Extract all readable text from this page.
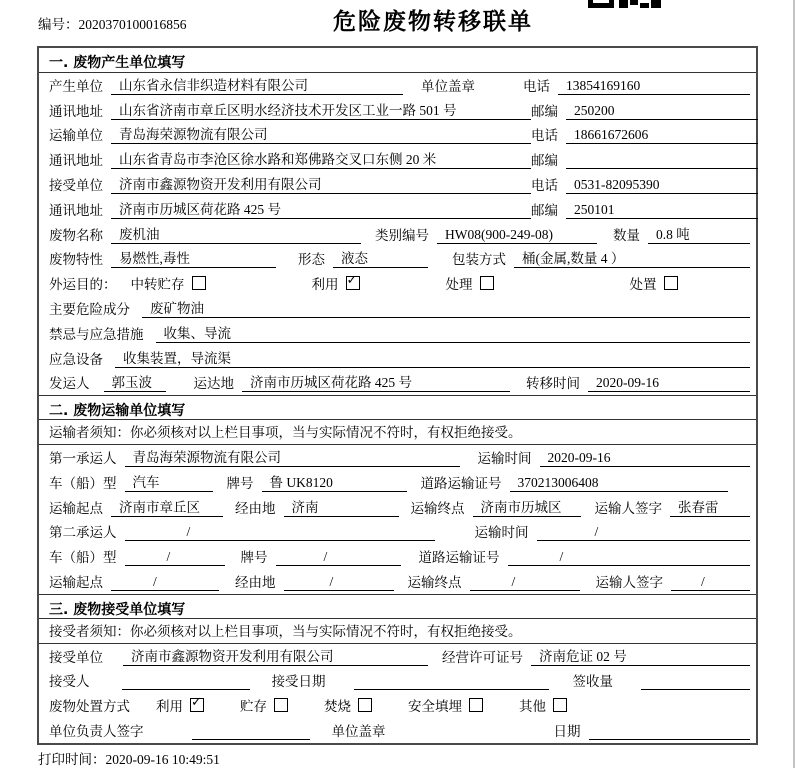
编号：2020370100016856	危险废物转移联单
一. 废物产生单位填写
产生单位	山东省永信非织造材料有限公司	单位盖章	电话	13854169160
通讯地址	山东省济南市章丘区明水经济技术开发区工业一路 501 号	邮编	250200
运输单位	青岛海荣源物流有限公司	电话	18661672606
通讯地址	山东省青岛市李沧区徐水路和郑佛路交叉口东侧 20 米	邮编
接受单位	济南市鑫源物资开发利用有限公司	电话	0531-82095390
通讯地址	济南市历城区荷花路 425 号	邮编	250101
废物名称	废机油	类别编号	HW08(900-249-08)	数量	0.8 吨
废物特性	易燃性,毒性	形态	液态	包装方式	桶(金属,数量 4 ）
外运目的： 中转贮存	利用 ✓	处理	处置
主要危险成分	废矿物油
禁忌与应急措施	收集、导流
应急设备	收集装置，导流渠
发运人	郭玉波	运达地	济南市历城区荷花路 425 号	转移时间	2020-09-16
二. 废物运输单位填写
运输者须知：你必须核对以上栏目事项，当与实际情况不符时，有权拒绝接受。
第一承运人	青岛海荣源物流有限公司	运输时间	2020-09-16
车（船）型	汽车	牌号	鲁 UK8120	道路运输证号	370213006408
运输起点	济南市章丘区	经由地	济南	运输终点	济南市历城区	运输人签字	张春雷
第二承运人	/	运输时间	/
车（船）型	/	牌号	/	道路运输证号	/
运输起点	/	经由地	/	运输终点	/	运输人签字	/
三. 废物接受单位填写
接受者须知：你必须核对以上栏目事项，当与实际情况不符时，有权拒绝接受。
接受单位	济南市鑫源物资开发利用有限公司	经营许可证号	济南危证 02 号
接受人	接受日期	签收量
废物处置方式 利用 ✓	贮存	焚烧	安全填埋	其他
单位负责人签字	单位盖章	日期
打印时间：2020-09-16 10:49:51
